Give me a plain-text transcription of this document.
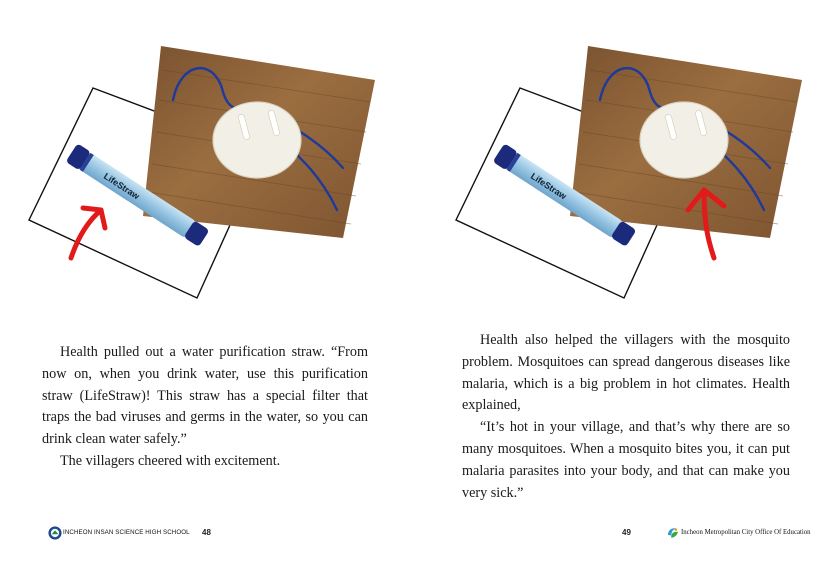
LifeStraw

Health pulled out a water purification straw. “From now on, when you drink water, use this purification straw (LifeStraw)! This straw has a special filter that traps the bad viruses and germs in the water, so you can drink clean water safely.”

The villagers cheered with excitement.

INCHEON INSAN SCIENCE HIGH SCHOOL 48
LifeStraw

Health also helped the villagers with the mosquito problem. Mosquitoes can spread dangerous diseases like malaria, which is a big problem in hot climates. Health explained,

“It’s hot in your village, and that’s why there are so many mosquitoes. When a mosquito bites you, it can put malaria parasites into your body, and that can make you very sick.”

49	Incheon Metropolitan City Office Of Education
